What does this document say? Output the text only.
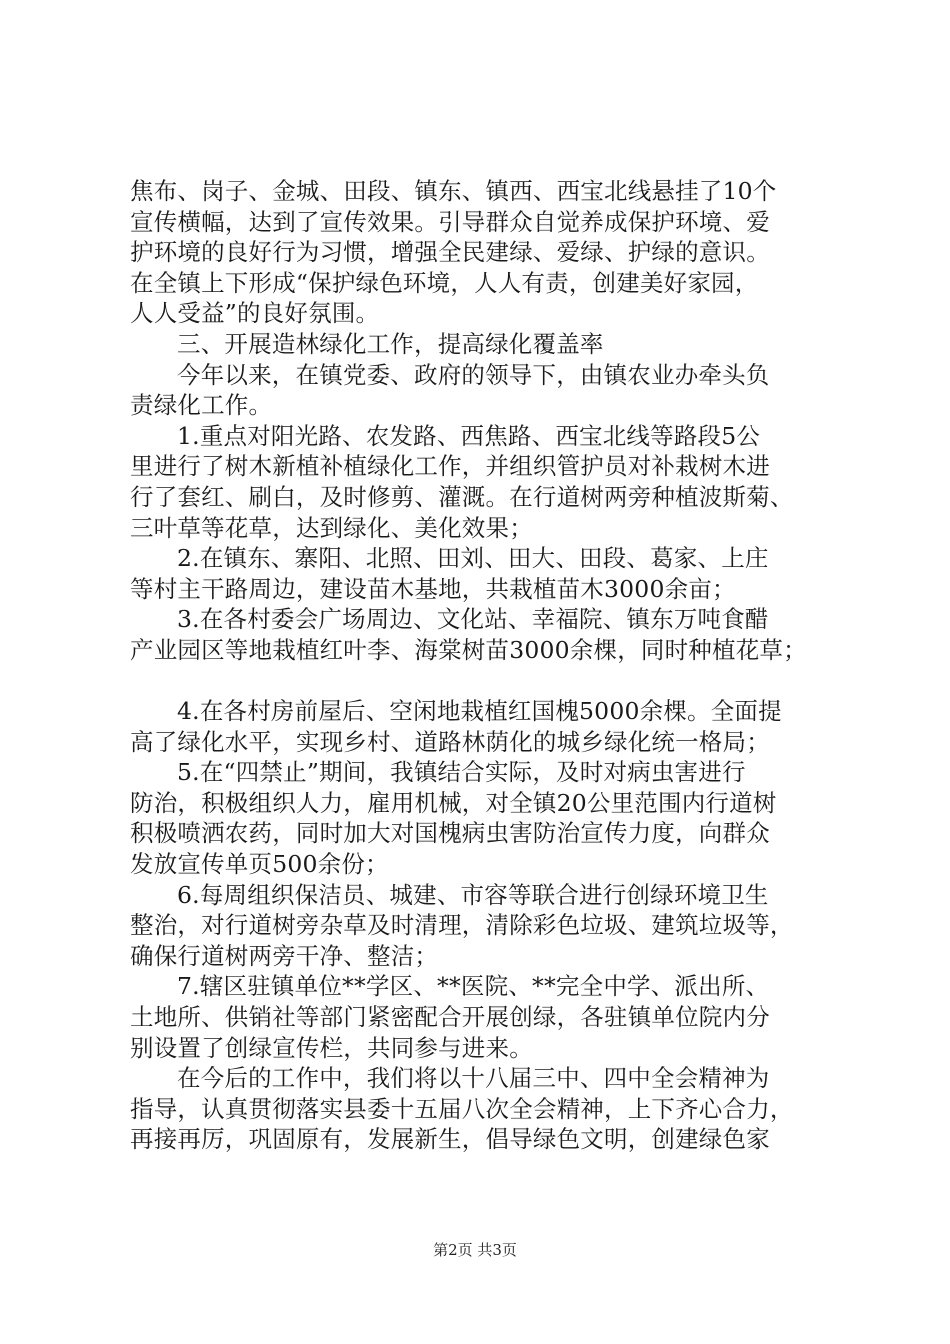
焦布、岗子、金城、田段、镇东、镇西、西宝北线悬挂了10个
宣传横幅，达到了宣传效果。引导群众自觉养成保护环境、爱
护环境的良好行为习惯，增强全民建绿、爱绿、护绿的意识。
在全镇上下形成“保护绿色环境，人人有责，创建美好家园，
人人受益”的良好氛围。
三、开展造林绿化工作，提高绿化覆盖率
今年以来，在镇党委、政府的领导下，由镇农业办牵头负
责绿化工作。
1.重点对阳光路、农发路、西焦路、西宝北线等路段5公
里进行了树木新植补植绿化工作，并组织管护员对补栽树木进
行了套红、刷白，及时修剪、灌溉。在行道树两旁种植波斯菊、
三叶草等花草，达到绿化、美化效果；
2.在镇东、寨阳、北照、田刘、田大、田段、葛家、上庄
等村主干路周边，建设苗木基地，共栽植苗木3000余亩；
3.在各村委会广场周边、文化站、幸福院、镇东万吨食醋
产业园区等地栽植红叶李、海棠树苗3000余棵，同时种植花草；
4.在各村房前屋后、空闲地栽植红国槐5000余棵。全面提
高了绿化水平，实现乡村、道路林荫化的城乡绿化统一格局；
5.在“四禁止”期间，我镇结合实际，及时对病虫害进行
防治，积极组织人力，雇用机械，对全镇20公里范围内行道树
积极喷洒农药，同时加大对国槐病虫害防治宣传力度，向群众
发放宣传单页500余份；
6.每周组织保洁员、城建、市容等联合进行创绿环境卫生
整治，对行道树旁杂草及时清理，清除彩色垃圾、建筑垃圾等，
确保行道树两旁干净、整洁；
7.辖区驻镇单位**学区、**医院、**完全中学、派出所、
土地所、供销社等部门紧密配合开展创绿，各驻镇单位院内分
别设置了创绿宣传栏，共同参与进来。
在今后的工作中，我们将以十八届三中、四中全会精神为
指导，认真贯彻落实县委十五届八次全会精神，上下齐心合力，
再接再厉，巩固原有，发展新生，倡导绿色文明，创建绿色家
第2页 共3页
